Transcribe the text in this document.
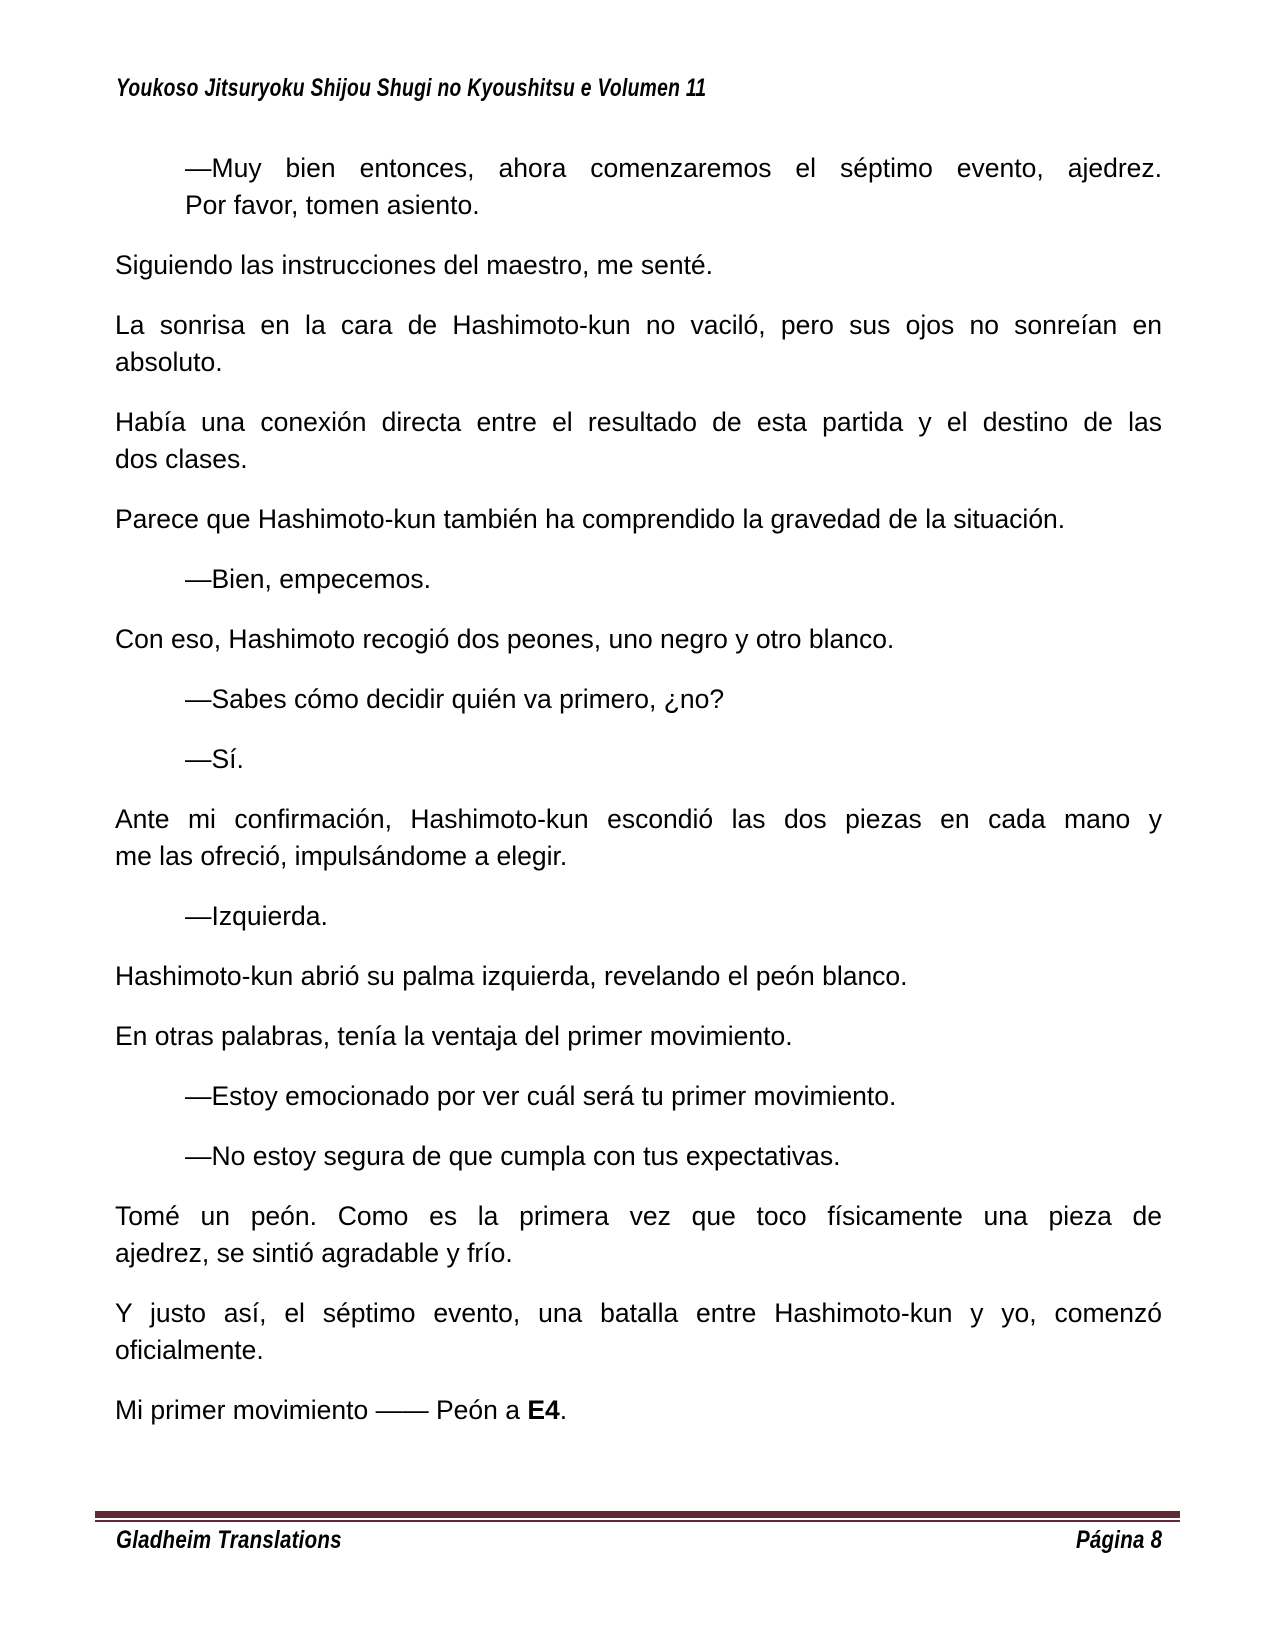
Youkoso Jitsuryoku Shijou Shugi no Kyoushitsu e Volumen 11

—Muy bien entonces, ahora comenzaremos el séptimo evento, ajedrez.
Por favor, tomen asiento.

Siguiendo las instrucciones del maestro, me senté.

La sonrisa en la cara de Hashimoto-kun no vaciló, pero sus ojos no sonreían en
absoluto.

Había una conexión directa entre el resultado de esta partida y el destino de las
dos clases.

Parece que Hashimoto-kun también ha comprendido la gravedad de la situación.

—Bien, empecemos.

Con eso, Hashimoto recogió dos peones, uno negro y otro blanco.

—Sabes cómo decidir quién va primero, ¿no?

—Sí.

Ante mi confirmación, Hashimoto-kun escondió las dos piezas en cada mano y
me las ofreció, impulsándome a elegir.

—Izquierda.

Hashimoto-kun abrió su palma izquierda, revelando el peón blanco.

En otras palabras, tenía la ventaja del primer movimiento.

—Estoy emocionado por ver cuál será tu primer movimiento.

—No estoy segura de que cumpla con tus expectativas.

Tomé un peón. Como es la primera vez que toco físicamente una pieza de
ajedrez, se sintió agradable y frío.

Y justo así, el séptimo evento, una batalla entre Hashimoto-kun y yo, comenzó
oficialmente.

Mi primer movimiento —— Peón a E4.

Gladheim Translations	Página 8
